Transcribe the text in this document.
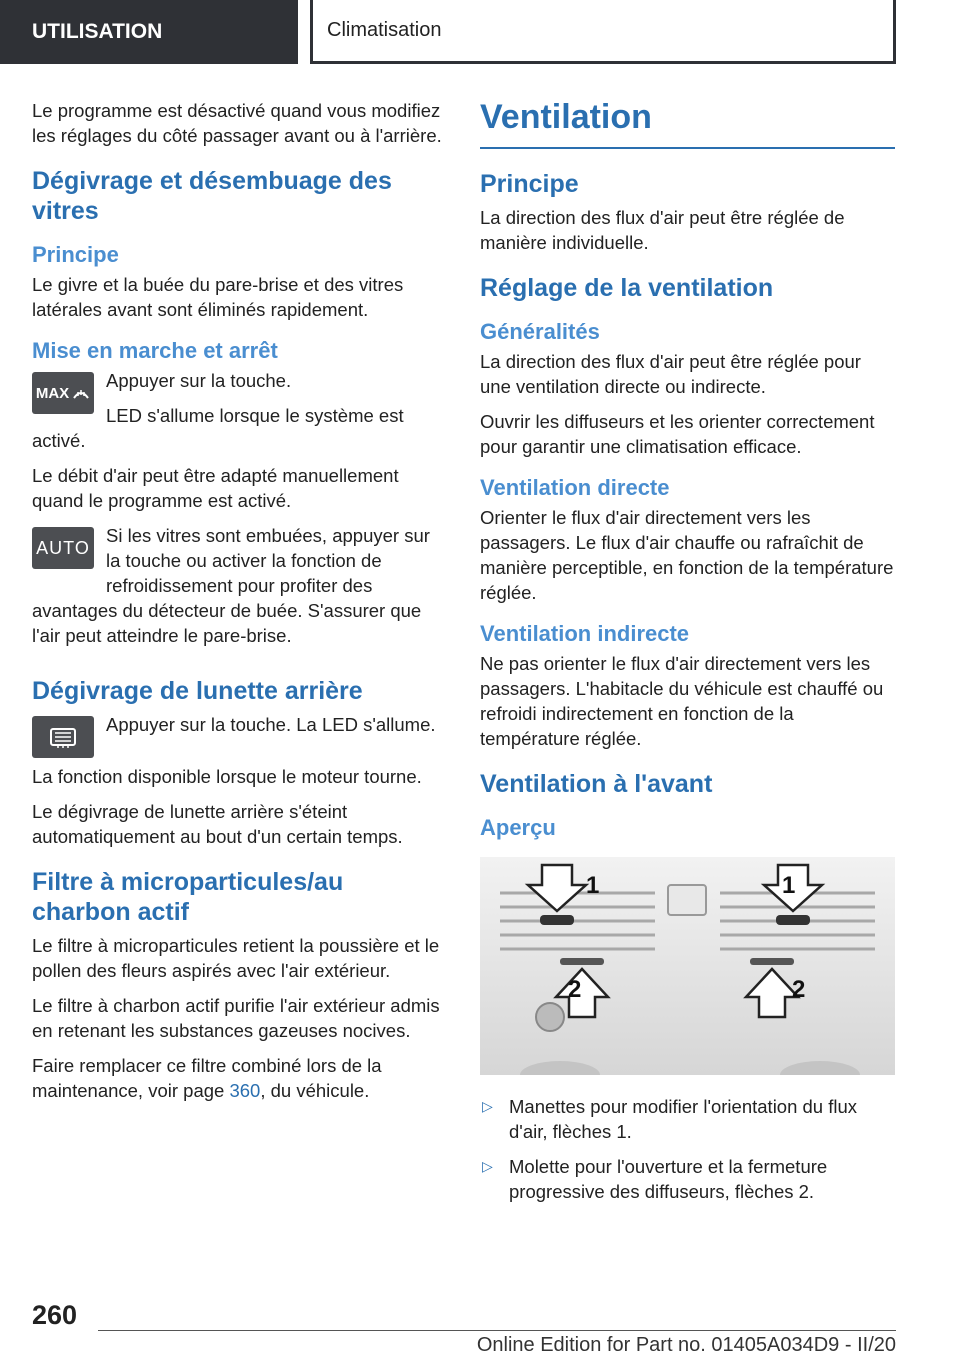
UTILISATION	Climatisation

Le programme est désactivé quand vous modifiez les réglages du côté passager avant ou à l'arrière.

Dégivrage et désembuage des vitres
Principe

Le givre et la buée du pare-brise et des vitres latérales avant sont éliminés rapidement.

Mise en marche et arrêt
MAX

Appuyer sur la touche.

LED s'allume lorsque le système est activé.

Le débit d'air peut être adapté manuellement quand le programme est activé.

AUTO

Si les vitres sont embuées, appuyer sur la touche ou activer la fonction de refroidissement pour profiter des avantages du détecteur de buée. S'assurer que l'air peut atteindre le pare-brise.

Dégivrage de lunette arrière

Appuyer sur la touche. La LED s'allume.

La fonction disponible lorsque le moteur tourne.

Le dégivrage de lunette arrière s'éteint automatiquement au bout d'un certain temps.

Filtre à microparticules/au charbon actif

Le filtre à microparticules retient la poussière et le pollen des fleurs aspirés avec l'air extérieur.

Le filtre à charbon actif purifie l'air extérieur admis en retenant les substances gazeuses nocives.

Faire remplacer ce filtre combiné lors de la maintenance, voir page 360, du véhicule.

Ventilation
Principe

La direction des flux d'air peut être réglée de manière individuelle.

Réglage de la ventilation
Généralités

La direction des flux d'air peut être réglée pour une ventilation directe ou indirecte.

Ouvrir les diffuseurs et les orienter correctement pour garantir une climatisation efficace.

Ventilation directe

Orienter le flux d'air directement vers les passagers. Le flux d'air chauffe ou rafraîchit de manière perceptible, en fonction de la température réglée.

Ventilation indirecte

Ne pas orienter le flux d'air directement vers les passagers. L'habitacle du véhicule est chauffé ou refroidi indirectement en fonction de la température réglée.

Ventilation à l'avant
Aperçu
1	1
2	2
▷ Manettes pour modifier l'orientation du flux d'air, flèches 1.
▷ Molette pour l'ouverture et la fermeture progressive des diffuseurs, flèches 2.
260
Online Edition for Part no. 01405A034D9 - II/20
